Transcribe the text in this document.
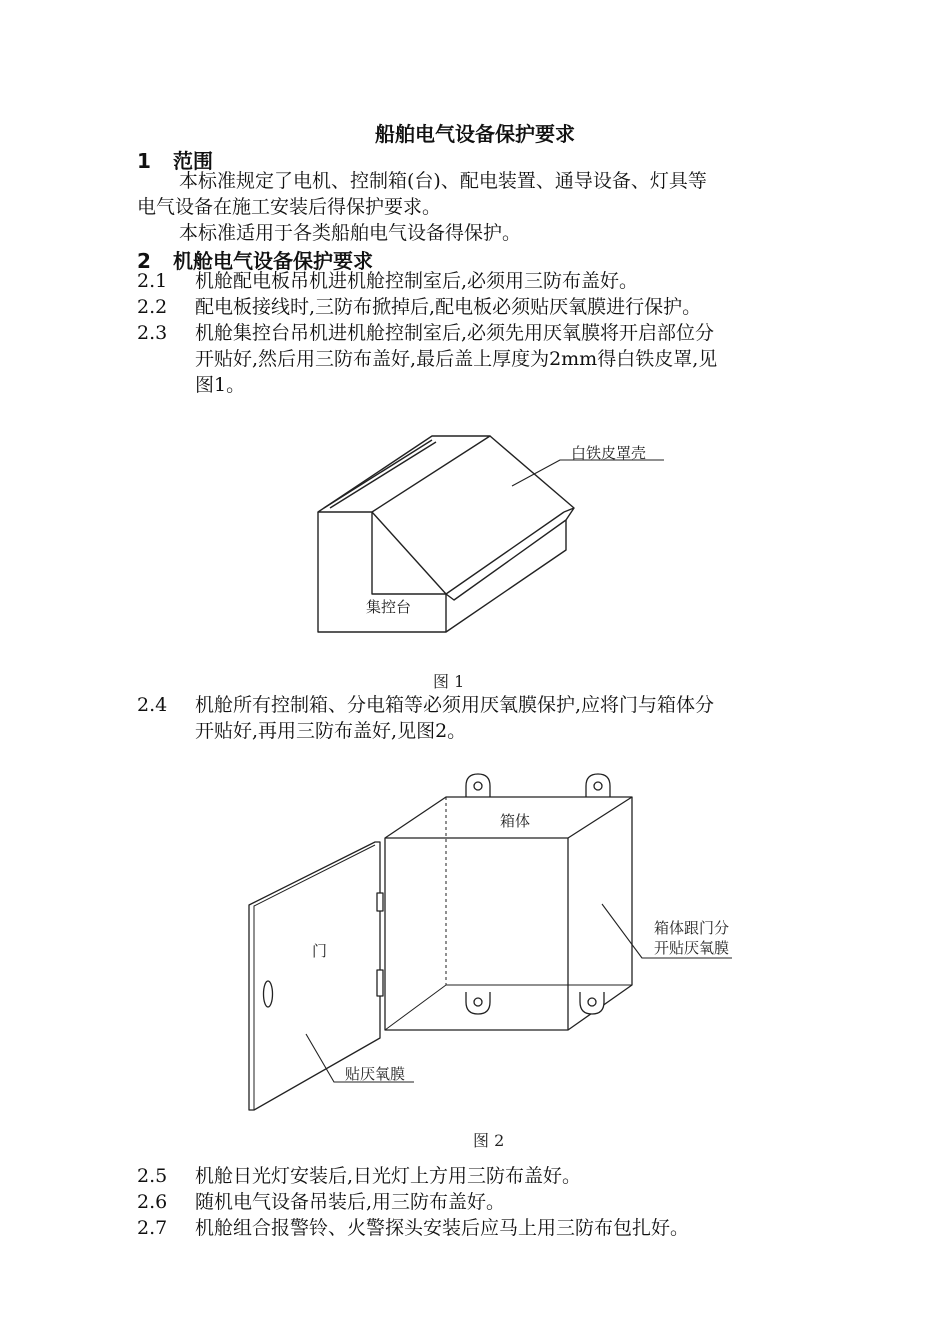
船舶电气设备保护要求
1 范围
本标准规定了电机、控制箱(台)、配电装置、通导设备、灯具等
电气设备在施工安装后得保护要求。
本标准适用于各类船舶电气设备得保护。
2 机舱电气设备保护要求
2.1 机舱配电板吊机进机舱控制室后,必须用三防布盖好。
2.2 配电板接线时,三防布掀掉后,配电板必须贴厌氧膜进行保护。
2.3 机舱集控台吊机进机舱控制室后,必须先用厌氧膜将开启部位分
开贴好,然后用三防布盖好,最后盖上厚度为2mm得白铁皮罩,见
图1。
白铁皮罩壳
集控台
图 1
2.4 机舱所有控制箱、分电箱等必须用厌氧膜保护,应将门与箱体分
开贴好,再用三防布盖好,见图2。
箱体
门
箱体跟门分
开贴厌氧膜
贴厌氧膜
图 2
2.5 机舱日光灯安装后,日光灯上方用三防布盖好。
2.6 随机电气设备吊装后,用三防布盖好。
2.7 机舱组合报警铃、火警探头安装后应马上用三防布包扎好。
